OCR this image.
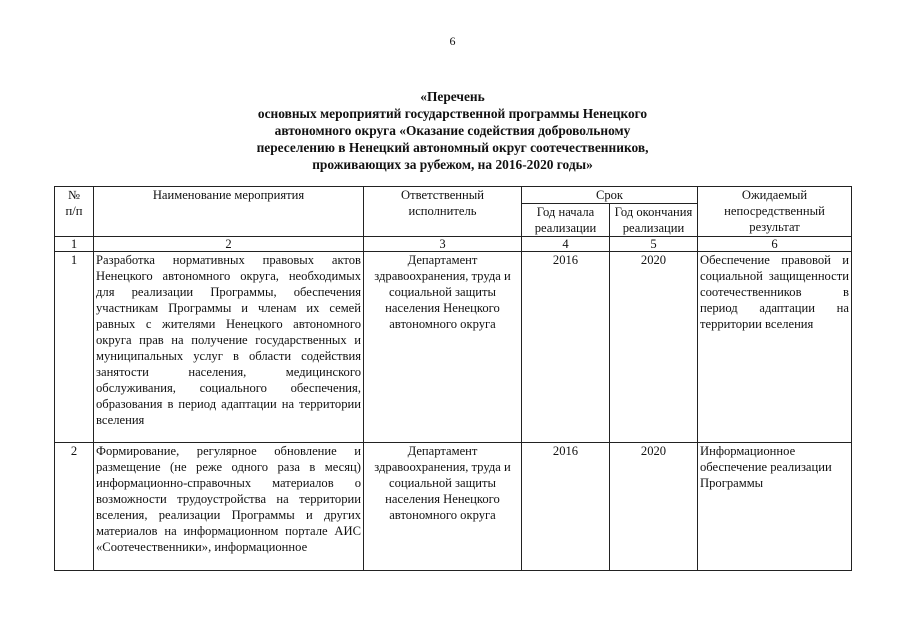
6
«Перечень
основных мероприятий государственной программы Ненецкого
автономного округа «Оказание содействия добровольному
переселению в Ненецкий автономный округ соотечественников,
проживающих за рубежом, на 2016-2020 годы»
№ п/п	Наименование мероприятия	Ответственный исполнитель	Срок		Ожидаемый непосредственный результат
			Год начала реализации	Год окончания реализации	
1	2	3	4	5	6
1	Разработка нормативных правовых актов Ненецкого автономного округа, необходимых для реализации Программы, обеспечения участникам Программы и членам их семей равных с жителями Ненецкого автономного округа прав на получение государственных и муниципальных услуг в области содействия занятости населения, медицинского обслуживания, социального обеспечения, образования в период адаптации на территории вселения	Департамент здравоохранения, труда и социальной защиты населения Ненецкого автономного округа	2016	2020	Обеспечение правовой и социальной защищенности соотечественников в период адаптации на территории вселения
2	Формирование, регулярное обновление и размещение (не реже одного раза в месяц) информационно-справочных материалов о возможности трудоустройства на территории вселения, реализации Программы и других материалов на информационном портале АИС «Соотечественники», информационное	Департамент здравоохранения, труда и социальной защиты населения Ненецкого автономного округа	2016	2020	Информационное обеспечение реализации Программы
